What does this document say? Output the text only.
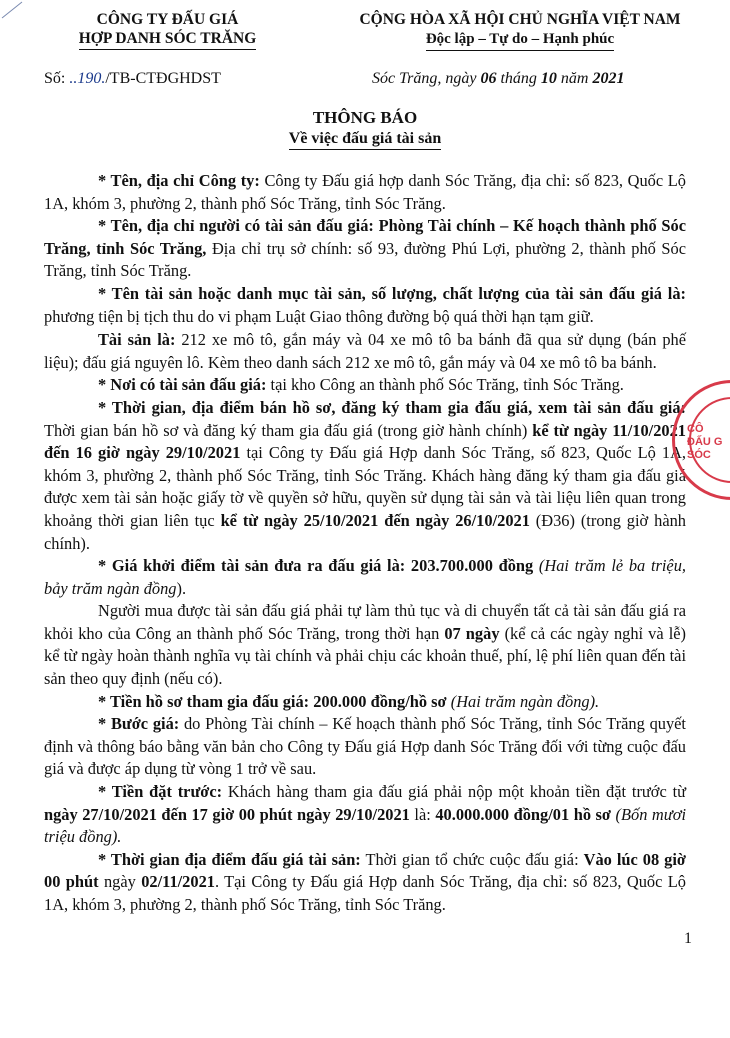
CÔNG TY ĐẤU GIÁ
HỢP DANH SÓC TRĂNG
CỘNG HÒA XÃ HỘI CHỦ NGHĨA VIỆT NAM
Độc lập – Tự do – Hạnh phúc
Số: ..190./TB-CTĐGHDST	Sóc Trăng, ngày 06 tháng 10 năm 2021
THÔNG BÁO
Về việc đấu giá tài sản

* Tên, địa chỉ Công ty: Công ty Đấu giá hợp danh Sóc Trăng, địa chỉ: số 823, Quốc Lộ 1A, khóm 3, phường 2, thành phố Sóc Trăng, tỉnh Sóc Trăng.

* Tên, địa chỉ người có tài sản đấu giá: Phòng Tài chính – Kế hoạch thành phố Sóc Trăng, tỉnh Sóc Trăng, Địa chỉ trụ sở chính: số 93, đường Phú Lợi, phường 2, thành phố Sóc Trăng, tỉnh Sóc Trăng.

* Tên tài sản hoặc danh mục tài sản, số lượng, chất lượng của tài sản đấu giá là: phương tiện bị tịch thu do vi phạm Luật Giao thông đường bộ quá thời hạn tạm giữ.

Tài sản là: 212 xe mô tô, gắn máy và 04 xe mô tô ba bánh đã qua sử dụng (bán phế liệu); đấu giá nguyên lô. Kèm theo danh sách 212 xe mô tô, gắn máy và 04 xe mô tô ba bánh.

* Nơi có tài sản đấu giá: tại kho Công an thành phố Sóc Trăng, tỉnh Sóc Trăng.

* Thời gian, địa điểm bán hồ sơ, đăng ký tham gia đấu giá, xem tài sản đấu giá: Thời gian bán hồ sơ và đăng ký tham gia đấu giá (trong giờ hành chính) kể từ ngày 11/10/2021 đến 16 giờ ngày 29/10/2021 tại Công ty Đấu giá Hợp danh Sóc Trăng, số 823, Quốc Lộ 1A, khóm 3, phường 2, thành phố Sóc Trăng, tỉnh Sóc Trăng. Khách hàng đăng ký tham gia đấu giá được xem tài sản hoặc giấy tờ về quyền sở hữu, quyền sử dụng tài sản và tài liệu liên quan trong khoảng thời gian liên tục kể từ ngày 25/10/2021 đến ngày 26/10/2021 (Đ36) (trong giờ hành chính).

* Giá khởi điểm tài sản đưa ra đấu giá là: 203.700.000 đồng (Hai trăm lẻ ba triệu, bảy trăm ngàn đồng).

Người mua được tài sản đấu giá phải tự làm thủ tục và di chuyển tất cả tài sản đấu giá ra khỏi kho của Công an thành phố Sóc Trăng, trong thời hạn 07 ngày (kể cả các ngày nghỉ và lễ) kể từ ngày hoàn thành nghĩa vụ tài chính và phải chịu các khoản thuế, phí, lệ phí liên quan đến tài sản theo quy định (nếu có).

* Tiền hồ sơ tham gia đấu giá: 200.000 đồng/hồ sơ (Hai trăm ngàn đồng).

* Bước giá: do Phòng Tài chính – Kế hoạch thành phố Sóc Trăng, tỉnh Sóc Trăng quyết định và thông báo bằng văn bản cho Công ty Đấu giá Hợp danh Sóc Trăng đối với từng cuộc đấu giá và được áp dụng từ vòng 1 trở về sau.

* Tiền đặt trước: Khách hàng tham gia đấu giá phải nộp một khoản tiền đặt trước từ ngày 27/10/2021 đến 17 giờ 00 phút ngày 29/10/2021 là: 40.000.000 đồng/01 hồ sơ (Bốn mươi triệu đồng).

* Thời gian địa điểm đấu giá tài sản: Thời gian tổ chức cuộc đấu giá: Vào lúc 08 giờ 00 phút ngày 02/11/2021. Tại Công ty Đấu giá Hợp danh Sóc Trăng, địa chỉ: số 823, Quốc Lộ 1A, khóm 3, phường 2, thành phố Sóc Trăng, tỉnh Sóc Trăng.

CÔ
ĐẤU G
SÓC
1
